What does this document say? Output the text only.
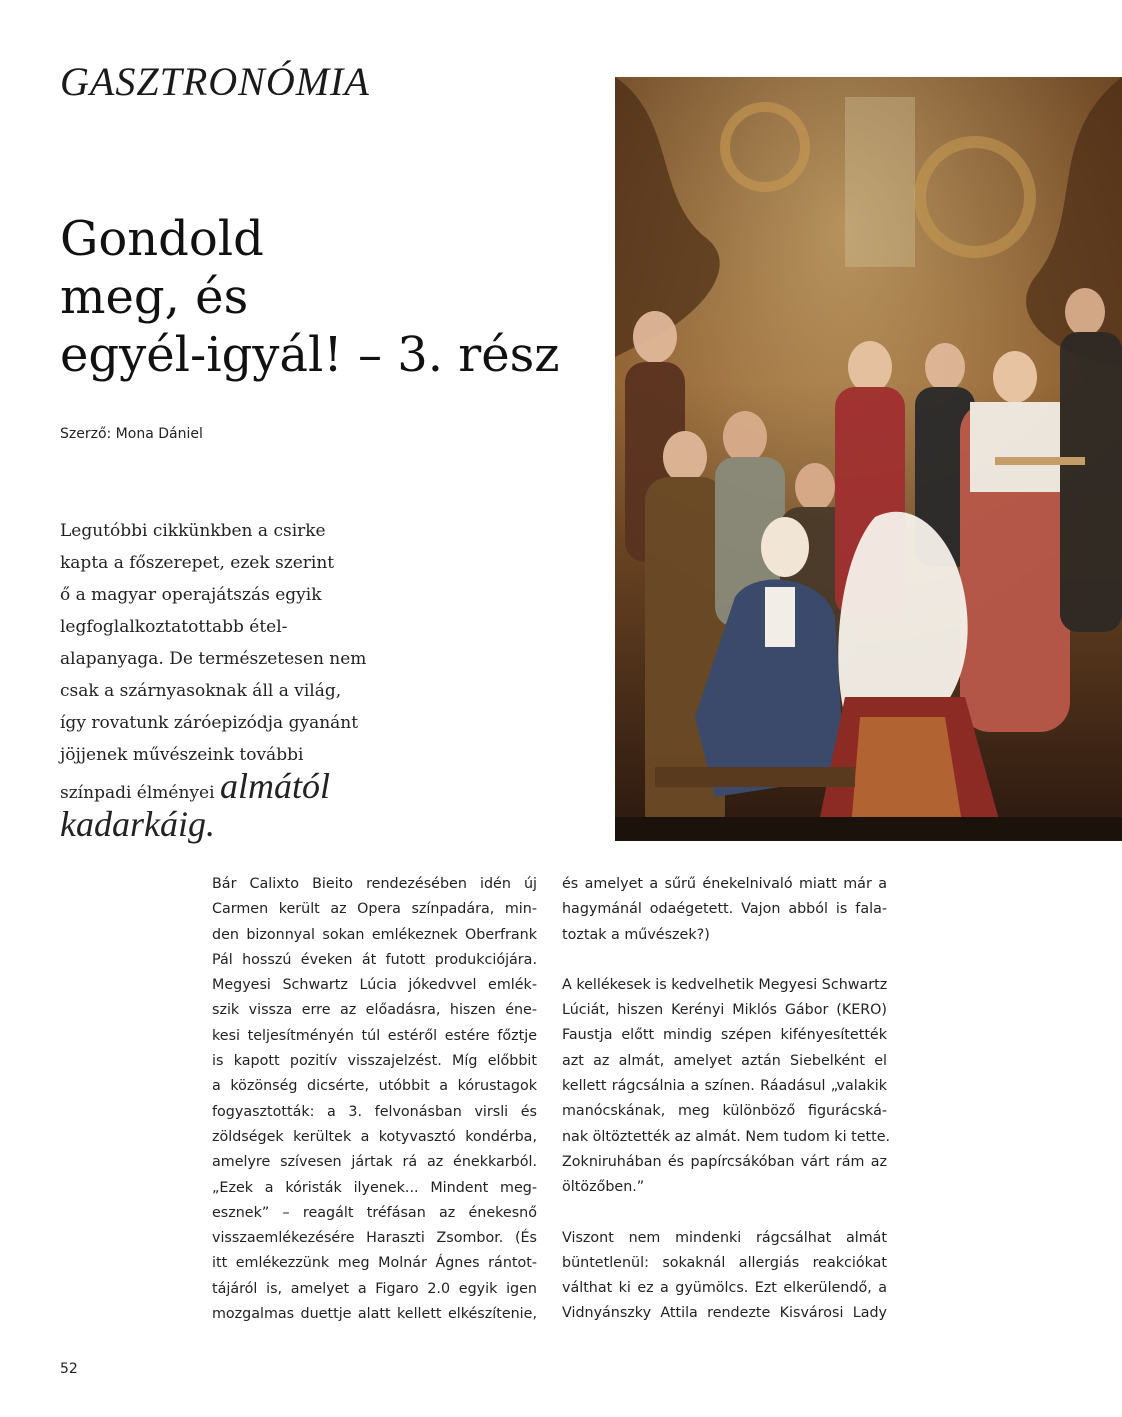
GASZTRONÓMIA
Gondold
meg, és
egyél-igyál! – 3. rész
Szerző: Mona Dániel
Legutóbbi cikkünkben a csirke
kapta a főszerepet, ezek szerint
ő a magyar operajátszás egyik
legfoglalkoztatottabb étel-
alapanyaga. De természetesen nem
csak a szárnyasoknak áll a világ,
így rovatunk záróepizódja gyanánt
jöjjenek művészeink további
színpadi élményei almától
kadarkáig.
Bár Calixto Bieito rendezésében idén új
Carmen került az Opera színpadára, min-
den bizonnyal sokan emlékeznek Oberfrank
Pál hosszú éveken át futott produkciójára.
Megyesi Schwartz Lúcia jókedvvel emlék-
szik vissza erre az előadásra, hiszen éne-
kesi teljesítményén túl estéről estére főztje
is kapott pozitív visszajelzést. Míg előbbit
a közönség dicsérte, utóbbit a kórustagok
fogyasztották: a 3. felvonásban virsli és
zöldségek kerültek a kotyvasztó kondérba,
amelyre szívesen jártak rá az énekkarból.
„Ezek a kóristák ilyenek... Mindent meg-
esznek” – reagált tréfásan az énekesnő
visszaemlékezésére Haraszti Zsombor. (És
itt emlékezzünk meg Molnár Ágnes rántot-
tájáról is, amelyet a Figaro 2.0 egyik igen
mozgalmas duettje alatt kellett elkészítenie,
és amelyet a sűrű énekelnivaló miatt már a
hagymánál odaégetett. Vajon abból is fala-
toztak a művészek?)
A kellékesek is kedvelhetik Megyesi Schwartz
Lúciát, hiszen Kerényi Miklós Gábor (KERO)
Faustja előtt mindig szépen kifényesítették
azt az almát, amelyet aztán Siebelként el
kellett rágcsálnia a színen. Ráadásul „valakik
manócskának, meg különböző figurácská-
nak öltöztették az almát. Nem tudom ki tette.
Zokniruhában és papírcsákóban várt rám az
öltözőben.”
Viszont nem mindenki rágcsálhat almát
büntetlenül: sokaknál allergiás reakciókat
válthat ki ez a gyümölcs. Ezt elkerülendő, a
Vidnyánszky Attila rendezte Kisvárosi Lady
52
